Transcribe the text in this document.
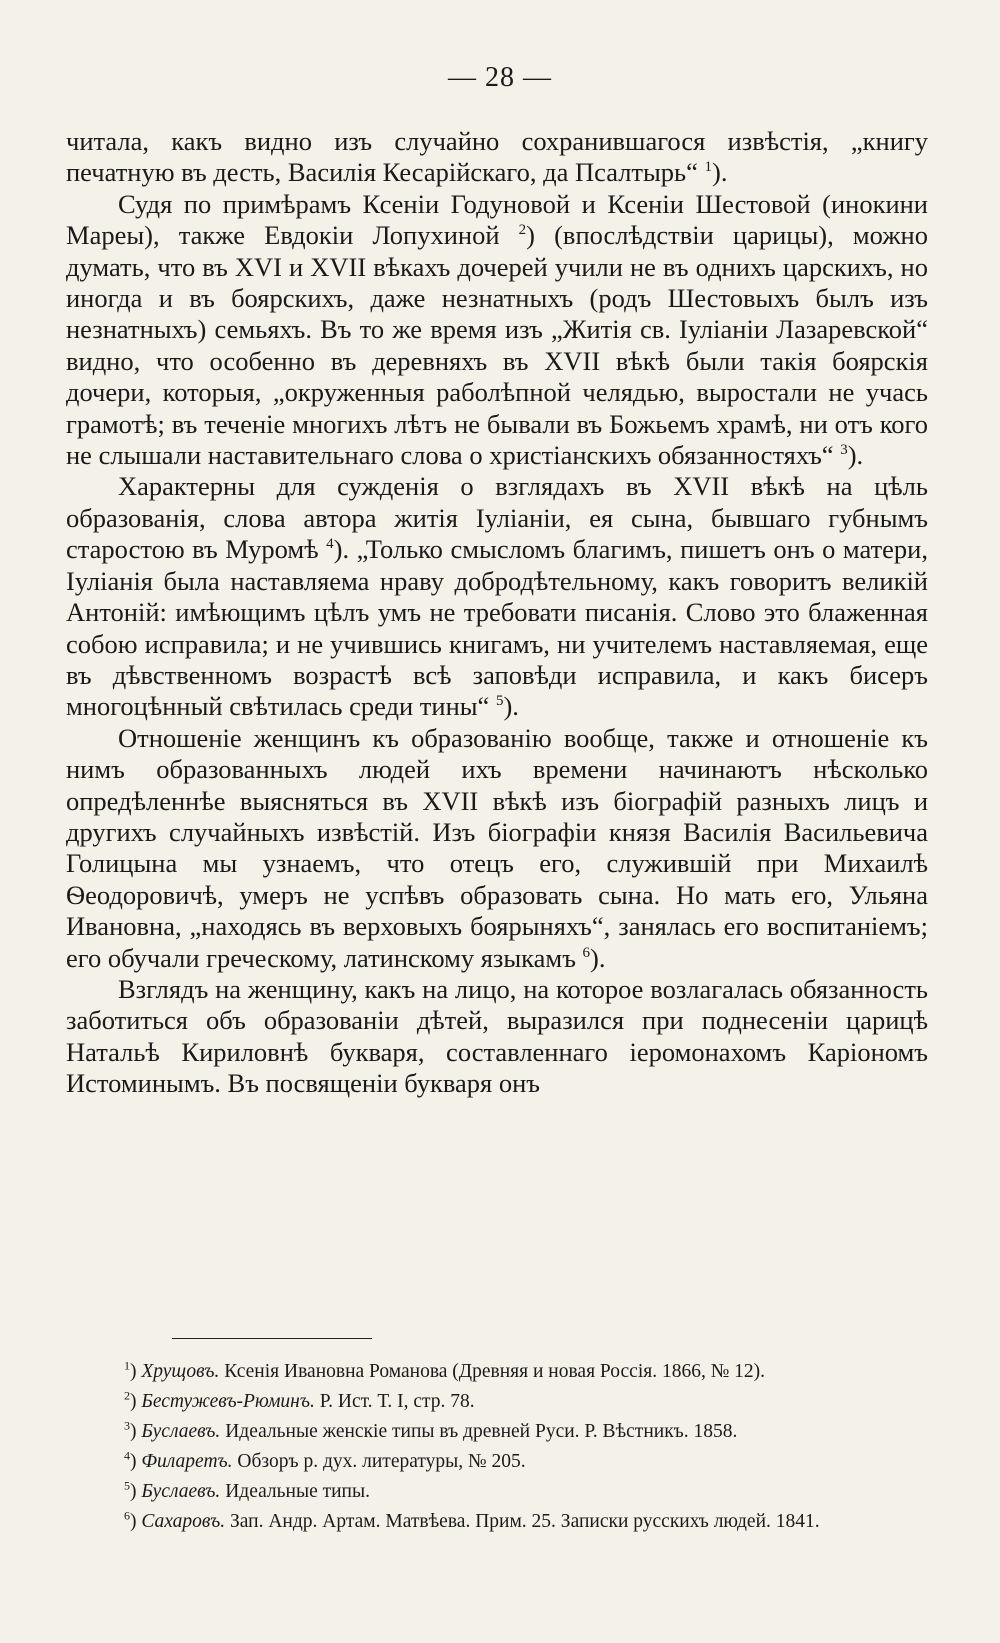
— 28 —

читала, какъ видно изъ случайно сохранившагося извѣстія, „книгу печатную въ десть, Василія Кесарійскаго, да Псалтырь“ $^1$).

Судя по примѣрамъ Ксеніи Годуновой и Ксеніи Шестовой (инокини Мареы), также Евдокіи Лопухиной $^2$) (впослѣдствіи царицы), можно думать, что въ XVI и XVII вѣкахъ дочерей учили не въ однихъ царскихъ, но иногда и въ боярскихъ, даже незнатныхъ (родъ Шестовыхъ былъ изъ незнатныхъ) семьяхъ. Въ то же время изъ „Житія св. Іуліаніи Лазаревской“ видно, что особенно въ деревняхъ въ XVII вѣкѣ были такія боярскія дочери, которыя, „окруженныя раболѣпной челядью, выростали не учась грамотѣ; въ теченіе многихъ лѣтъ не бывали въ Божьемъ храмѣ, ни отъ кого не слышали наставительнаго слова о христіанскихъ обязанностяхъ“ $^3$).

Характерны для сужденія о взглядахъ въ XVII вѣкѣ на цѣль образованія, слова автора житія Іуліаніи, ея сына, бывшаго губнымъ старостою въ Муромѣ $^4$). „Только смысломъ благимъ, пишетъ онъ о матери, Іуліанія была наставляема нраву добродѣтельному, какъ говоритъ великій Антоній: имѣющимъ цѣлъ умъ не требовати писанія. Слово это блаженная собою исправила; и не учившись книгамъ, ни учителемъ наставляемая, еще въ дѣвственномъ возрастѣ всѣ заповѣди исправила, и какъ бисеръ многоцѣнный свѣтилась среди тины“ $^5$).

Отношеніе женщинъ къ образованію вообще, также и отношеніе къ нимъ образованныхъ людей ихъ времени начинаютъ нѣсколько опредѣленнѣе выясняться въ XVII вѣкѣ изъ біографій разныхъ лицъ и другихъ случайныхъ извѣстій. Изъ біографіи князя Василія Васильевича Голицына мы узнаемъ, что отецъ его, служившій при Михаилѣ Ѳеодоровичѣ, умеръ не успѣвъ образовать сына. Но мать его, Ульяна Ивановна, „находясь въ верховыхъ боярыняхъ“, занялась его воспитаніемъ; его обучали греческому, латинскому языкамъ $^6$).

Взглядъ на женщину, какъ на лицо, на которое возлагалась обязанность заботиться объ образованіи дѣтей, выразился при поднесеніи царицѣ Натальѣ Кириловнѣ букваря, составленнаго іеромонахомъ Каріономъ Истоминымъ. Въ посвященіи букваря онъ

$^1$) Хрущовъ. Ксенія Ивановна Романова (Древняя и новая Россія. 1866, № 12).

$^2$) Бестужевъ-Рюминъ. Р. Ист. Т. I, стр. 78.

$^3$) Буслаевъ. Идеальные женскіе типы въ древней Руси. Р. Вѣстникъ. 1858.

$^4$) Филаретъ. Обзоръ р. дух. литературы, № 205.

$^5$) Буслаевъ. Идеальные типы.

$^6$) Сахаровъ. Зап. Андр. Артам. Матвѣева. Прим. 25. Записки русскихъ людей. 1841.
